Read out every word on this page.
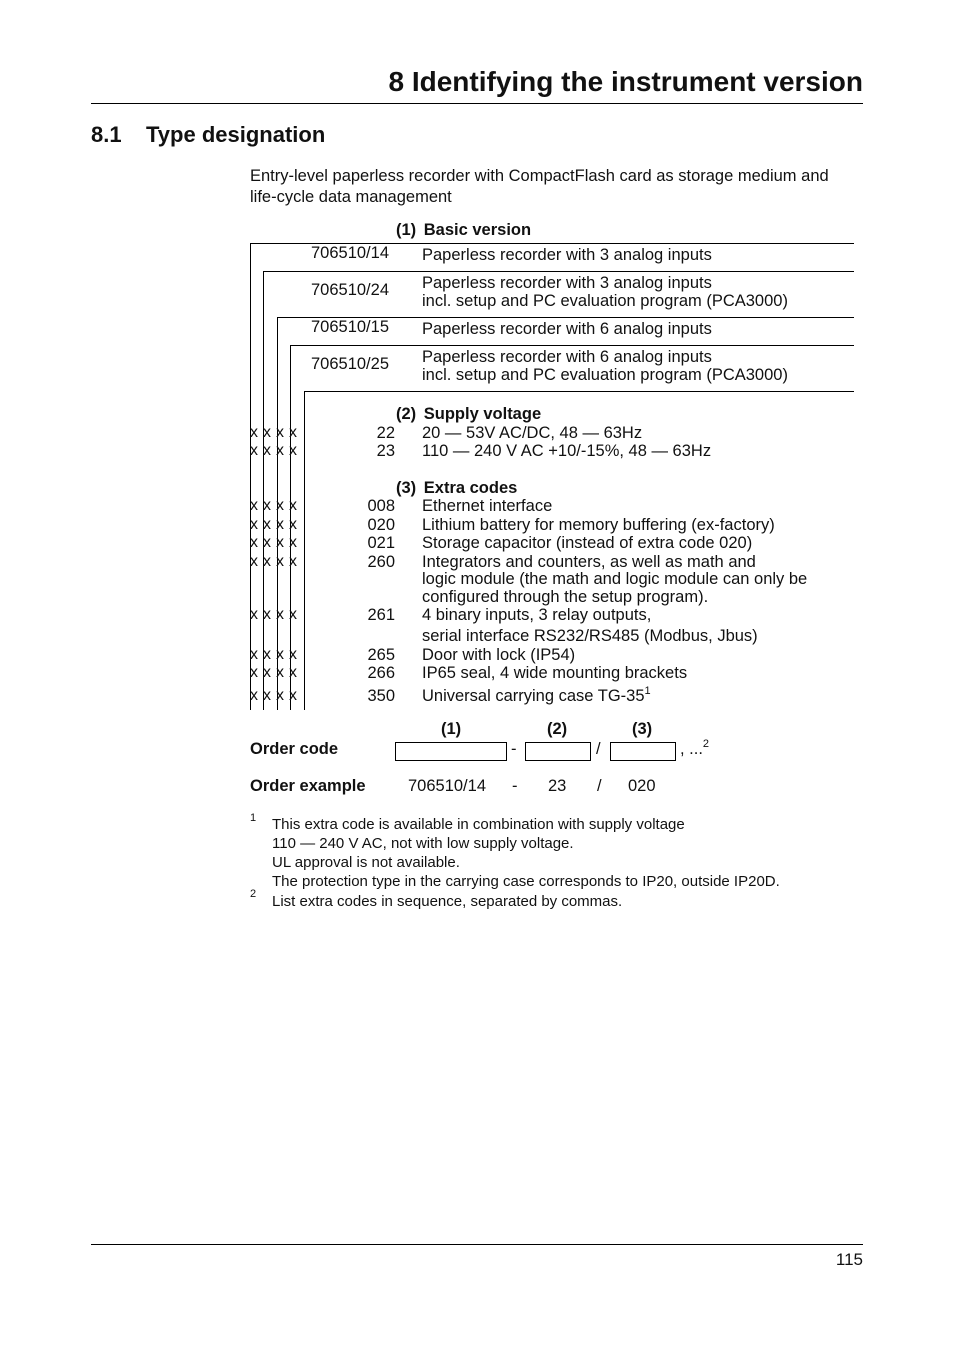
8 Identifying the instrument version
8.1 Type designation
Entry-level paperless recorder with CompactFlash card as storage medium and life-cycle data management
(1) Basic version
706510/14 Paperless recorder with 3 analog inputs
706510/24 Paperless recorder with 3 analog inputs
incl. setup and PC evaluation program (PCA3000)
706510/15 Paperless recorder with 6 analog inputs
706510/25 Paperless recorder with 6 analog inputs
incl. setup and PC evaluation program (PCA3000)
(2) Supply voltage
x x x x	22 20 — 53V AC/DC, 48 — 63Hz
x x x x	23 110 — 240 V AC +10/-15%, 48 — 63Hz
(3) Extra codes
x x x x	008 Ethernet interface
x x x x	020 Lithium battery for memory buffering (ex-factory)
x x x x	021 Storage capacitor (instead of extra code 020)
x x x x	260 Integrators and counters, as well as math and
logic module (the math and logic module can only be
configured through the setup program).
x x x x	261 4 binary inputs, 3 relay outputs,
serial interface RS232/RS485 (Modbus, Jbus)
x x x x	265 Door with lock (IP54)
x x x x	266 IP65 seal, 4 wide mounting brackets
x x x x	350 Universal carrying case $TG-35^1$
(1)	(2)	(3)
Order code	-	/	, ...$^2$
Order example	706510/14 - 23 / 020
1 This extra code is available in combination with supply voltage
110 — 240 V AC, not with low supply voltage.
UL approval is not available.
The protection type in the carrying case corresponds to IP20, outside IP20D.
2 List extra codes in sequence, separated by commas.
115
